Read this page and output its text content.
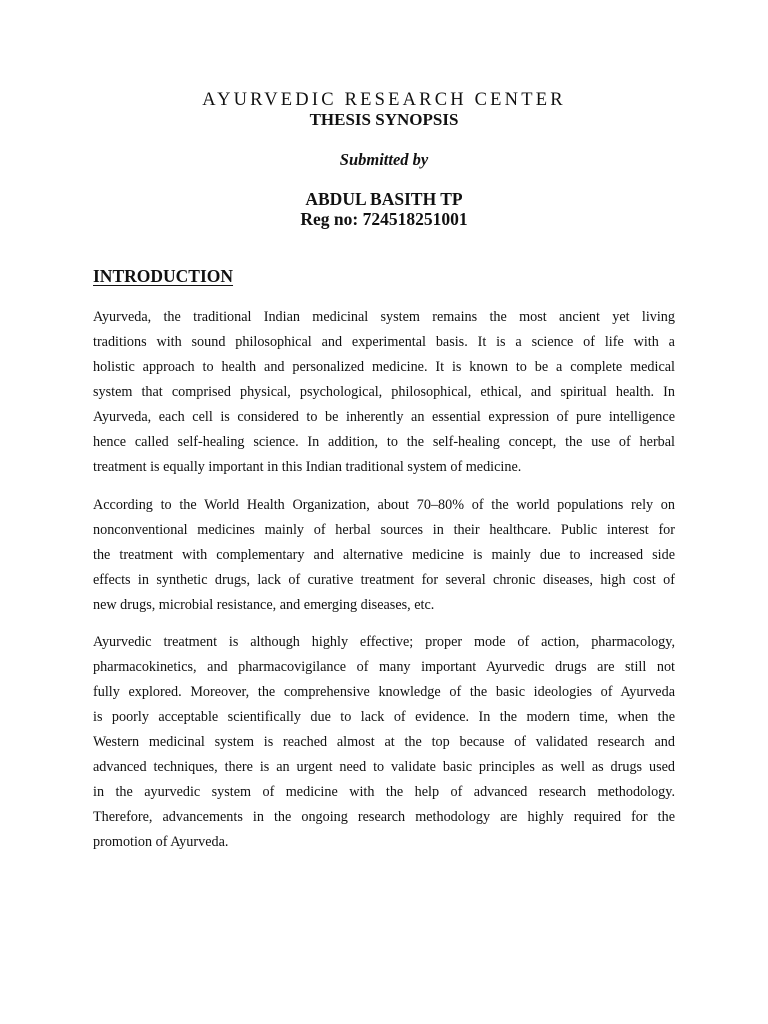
AYURVEDIC RESEARCH CENTER
THESIS SYNOPSIS
Submitted by
ABDUL BASITH TP
Reg no: 724518251001
INTRODUCTION
Ayurveda, the traditional Indian medicinal system remains the most ancient yet living
traditions with sound philosophical and experimental basis. It is a science of life with a
holistic approach to health and personalized medicine. It is known to be a complete medical
system that comprised physical, psychological, philosophical, ethical, and spiritual health. In
Ayurveda, each cell is considered to be inherently an essential expression of pure intelligence
hence called self-healing science. In addition, to the self-healing concept, the use of herbal
treatment is equally important in this Indian traditional system of medicine.
According to the World Health Organization, about 70–80% of the world populations rely on
nonconventional medicines mainly of herbal sources in their healthcare. Public interest for
the treatment with complementary and alternative medicine is mainly due to increased side
effects in synthetic drugs, lack of curative treatment for several chronic diseases, high cost of
new drugs, microbial resistance, and emerging diseases, etc.
Ayurvedic treatment is although highly effective; proper mode of action, pharmacology,
pharmacokinetics, and pharmacovigilance of many important Ayurvedic drugs are still not
fully explored. Moreover, the comprehensive knowledge of the basic ideologies of Ayurveda
is poorly acceptable scientifically due to lack of evidence. In the modern time, when the
Western medicinal system is reached almost at the top because of validated research and
advanced techniques, there is an urgent need to validate basic principles as well as drugs used
in the ayurvedic system of medicine with the help of advanced research methodology.
Therefore, advancements in the ongoing research methodology are highly required for the
promotion of Ayurveda.
